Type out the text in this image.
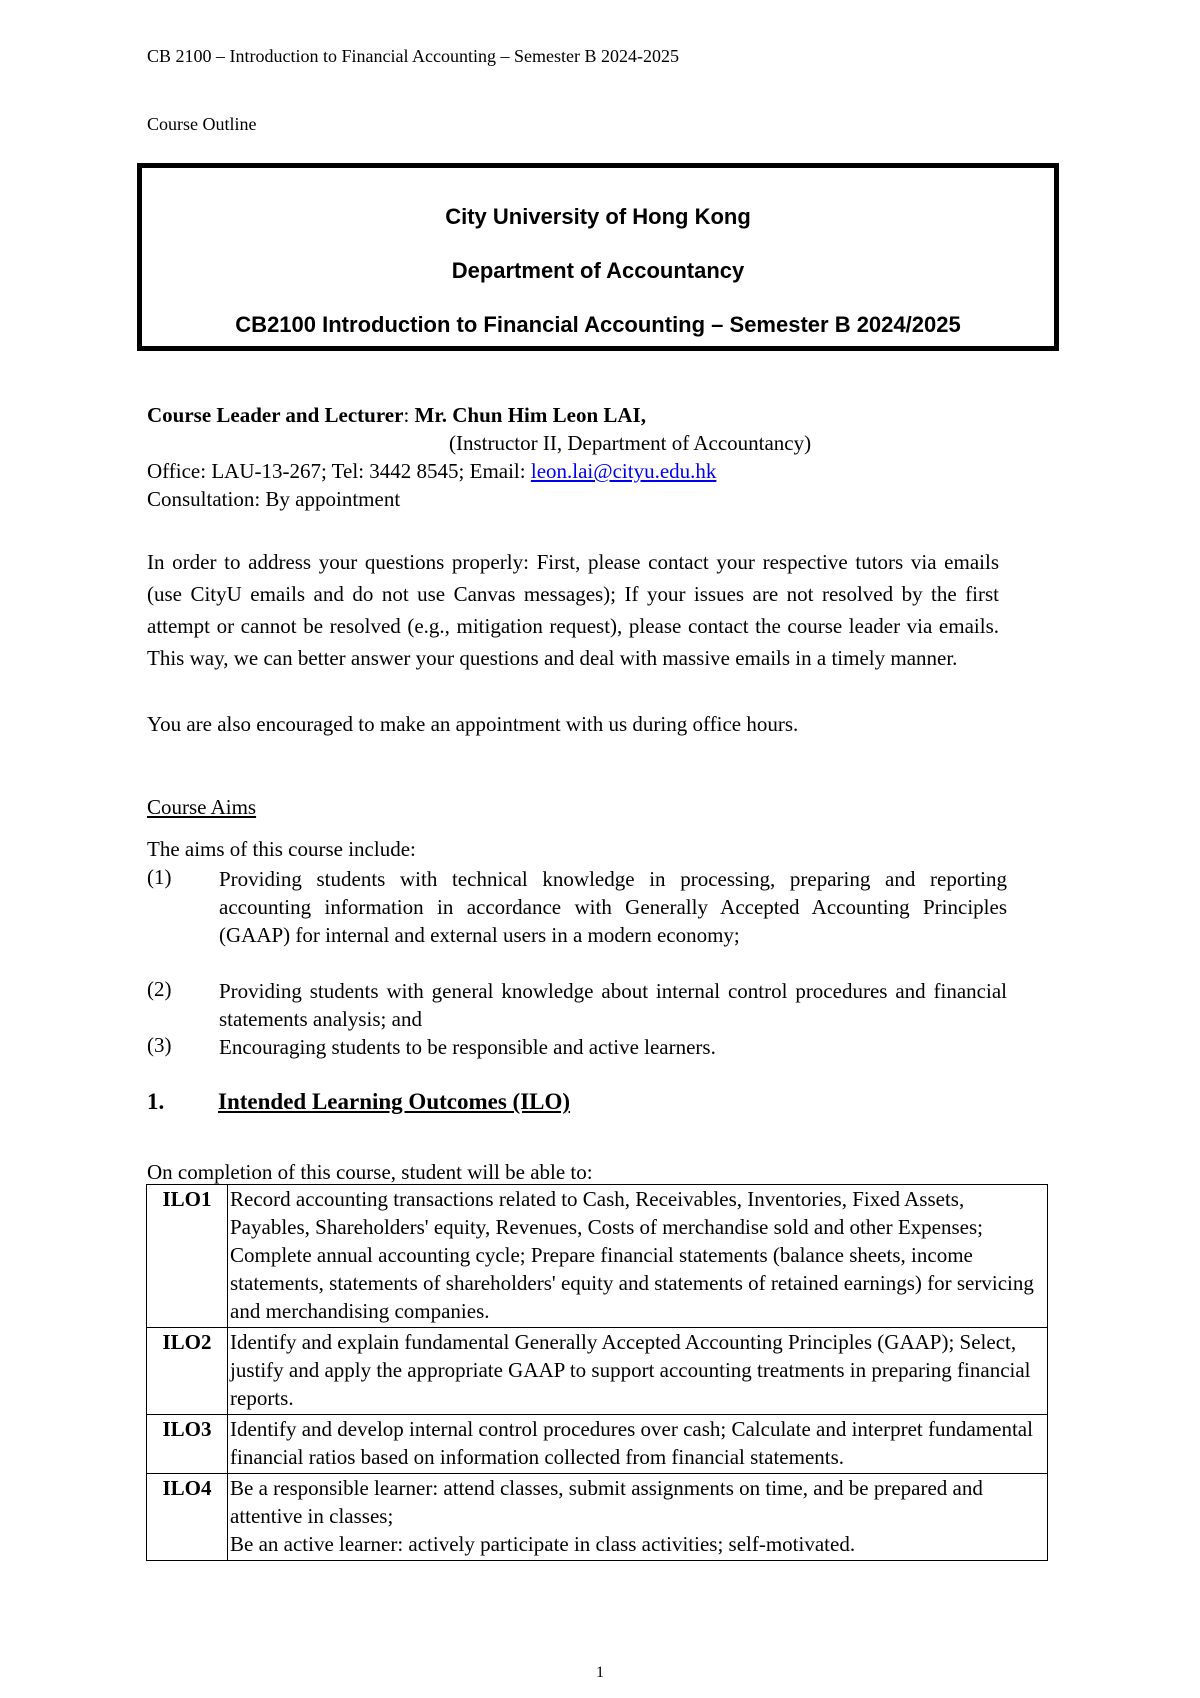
CB 2100 – Introduction to Financial Accounting – Semester B 2024-2025
Course Outline
City University of Hong Kong
Department of Accountancy
CB2100 Introduction to Financial Accounting – Semester B 2024/2025
Course Leader and Lecturer: Mr. Chun Him Leon LAI,
(Instructor II, Department of Accountancy)
Office: LAU-13-267; Tel: 3442 8545; Email: leon.lai@cityu.edu.hk
Consultation: By appointment
In order to address your questions properly: First, please contact your respective tutors via emails (use CityU emails and do not use Canvas messages); If your issues are not resolved by the first attempt or cannot be resolved (e.g., mitigation request), please contact the course leader via emails. This way, we can better answer your questions and deal with massive emails in a timely manner.
You are also encouraged to make an appointment with us during office hours.
Course Aims
The aims of this course include:
(1) Providing students with technical knowledge in processing, preparing and reporting accounting information in accordance with Generally Accepted Accounting Principles (GAAP) for internal and external users in a modern economy;
(2) Providing students with general knowledge about internal control procedures and financial statements analysis; and
(3) Encouraging students to be responsible and active learners.
1. Intended Learning Outcomes (ILO)
On completion of this course, student will be able to:
ILO1	Record accounting transactions related to Cash, Receivables, Inventories, Fixed Assets, Payables, Shareholders' equity, Revenues, Costs of merchandise sold and other Expenses; Complete annual accounting cycle; Prepare financial statements (balance sheets, income statements, statements of shareholders' equity and statements of retained earnings) for servicing and merchandising companies.
ILO2	Identify and explain fundamental Generally Accepted Accounting Principles (GAAP); Select, justify and apply the appropriate GAAP to support accounting treatments in preparing financial reports.
ILO3	Identify and develop internal control procedures over cash; Calculate and interpret fundamental financial ratios based on information collected from financial statements.
ILO4	Be a responsible learner: attend classes, submit assignments on time, and be prepared and attentive in classes;
Be an active learner: actively participate in class activities; self-motivated.
1
